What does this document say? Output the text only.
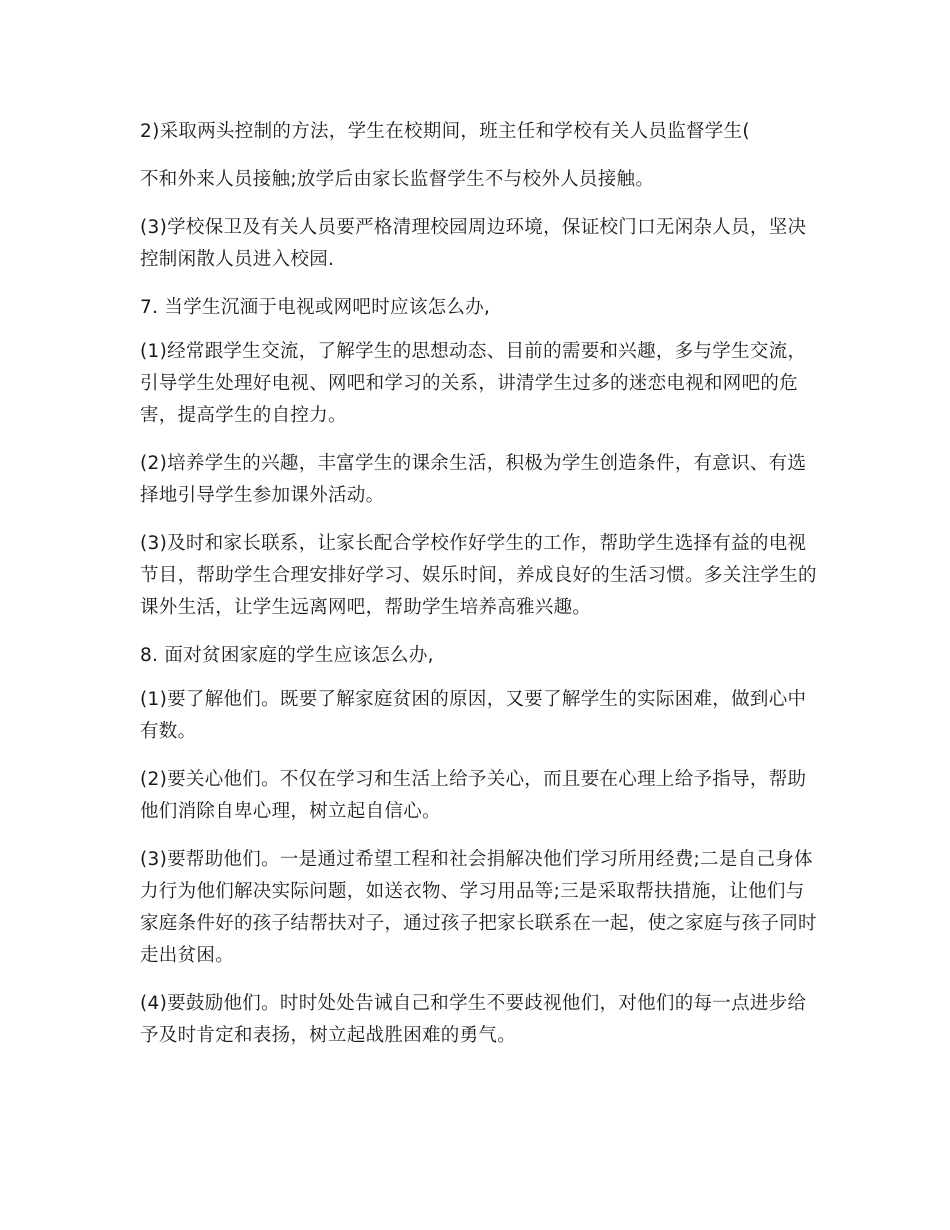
2)采取两头控制的方法，学生在校期间，班主任和学校有关人员监督学生(

不和外来人员接触;放学后由家长监督学生不与校外人员接触。

(3)学校保卫及有关人员要严格清理校园周边环境，保证校门口无闲杂人员，坚决控制闲散人员进入校园.

7. 当学生沉湎于电视或网吧时应该怎么办,

(1)经常跟学生交流，了解学生的思想动态、目前的需要和兴趣，多与学生交流，引导学生处理好电视、网吧和学习的关系，讲清学生过多的迷恋电视和网吧的危害，提高学生的自控力。

(2)培养学生的兴趣，丰富学生的课余生活，积极为学生创造条件，有意识、有选择地引导学生参加课外活动。

(3)及时和家长联系，让家长配合学校作好学生的工作，帮助学生选择有益的电视节目，帮助学生合理安排好学习、娱乐时间，养成良好的生活习惯。多关注学生的课外生活，让学生远离网吧，帮助学生培养高雅兴趣。

8. 面对贫困家庭的学生应该怎么办,

(1)要了解他们。既要了解家庭贫困的原因，又要了解学生的实际困难，做到心中有数。

(2)要关心他们。不仅在学习和生活上给予关心，而且要在心理上给予指导，帮助他们消除自卑心理，树立起自信心。

(3)要帮助他们。一是通过希望工程和社会捐解决他们学习所用经费;二是自己身体力行为他们解决实际问题，如送衣物、学习用品等;三是采取帮扶措施，让他们与家庭条件好的孩子结帮扶对子，通过孩子把家长联系在一起，使之家庭与孩子同时走出贫困。

(4)要鼓励他们。时时处处告诫自己和学生不要歧视他们，对他们的每一点进步给予及时肯定和表扬，树立起战胜困难的勇气。
